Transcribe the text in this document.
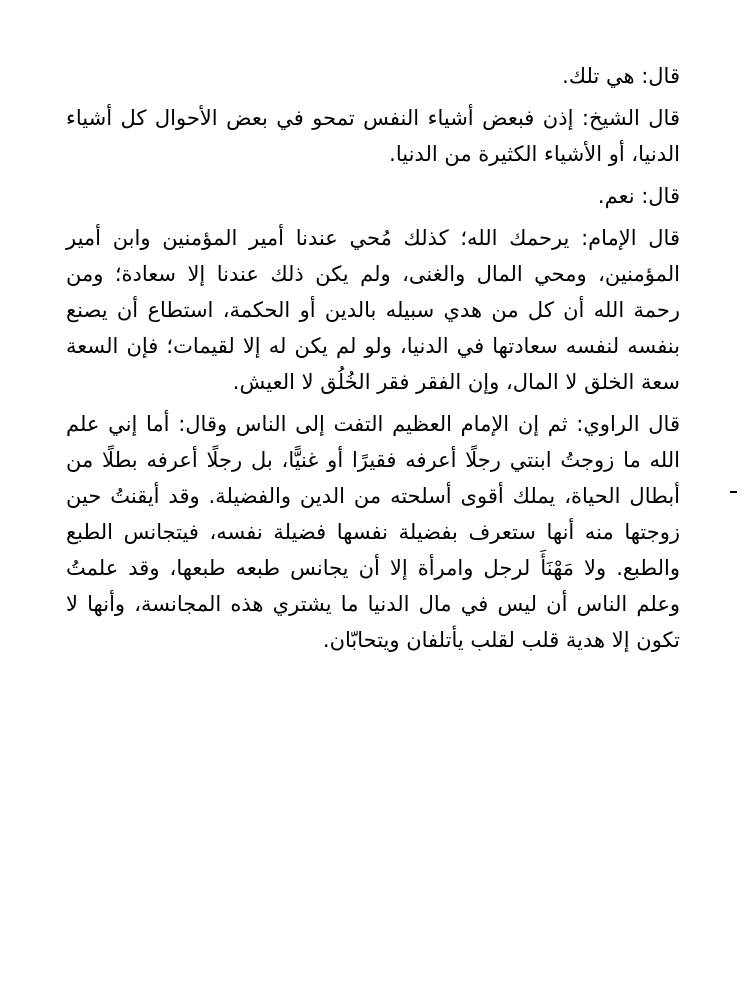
قال: هي تلك.

قال الشيخ: إذن فبعض أشياء النفس تمحو في بعض الأحوال كل أشياء الدنيا، أو الأشياء الكثيرة من الدنيا.

قال: نعم.

قال الإمام: يرحمك الله؛ كذلك مُحي عندنا أمير المؤمنين وابن أمير المؤمنين، ومحي المال والغنى، ولم يكن ذلك عندنا إلا سعادة؛ ومن رحمة الله أن كل من هدي سبيله بالدين أو الحكمة، استطاع أن يصنع بنفسه لنفسه سعادتها في الدنيا، ولو لم يكن له إلا لقيمات؛ فإن السعة سعة الخلق لا المال، وإن الفقر فقر الخُلُق لا العيش.

قال الراوي: ثم إن الإمام العظيم التفت إلى الناس وقال: أما إني علم الله ما زوجتُ ابنتي رجلًا أعرفه فقيرًا أو غنيًّا، بل رجلًا أعرفه بطلًا من أبطال الحياة، يملك أقوى أسلحته من الدين والفضيلة. وقد أيقنتُ حين زوجتها منه أنها ستعرف بفضيلة نفسها فضيلة نفسه، فيتجانس الطبع والطبع. ولا مَهْنَأَ لرجل وامرأة إلا أن يجانس طبعه طبعها، وقد علمتُ وعلم الناس أن ليس في مال الدنيا ما يشتري هذه المجانسة، وأنها لا تكون إلا هدية قلب لقلب يأتلفان ويتحابّان.
